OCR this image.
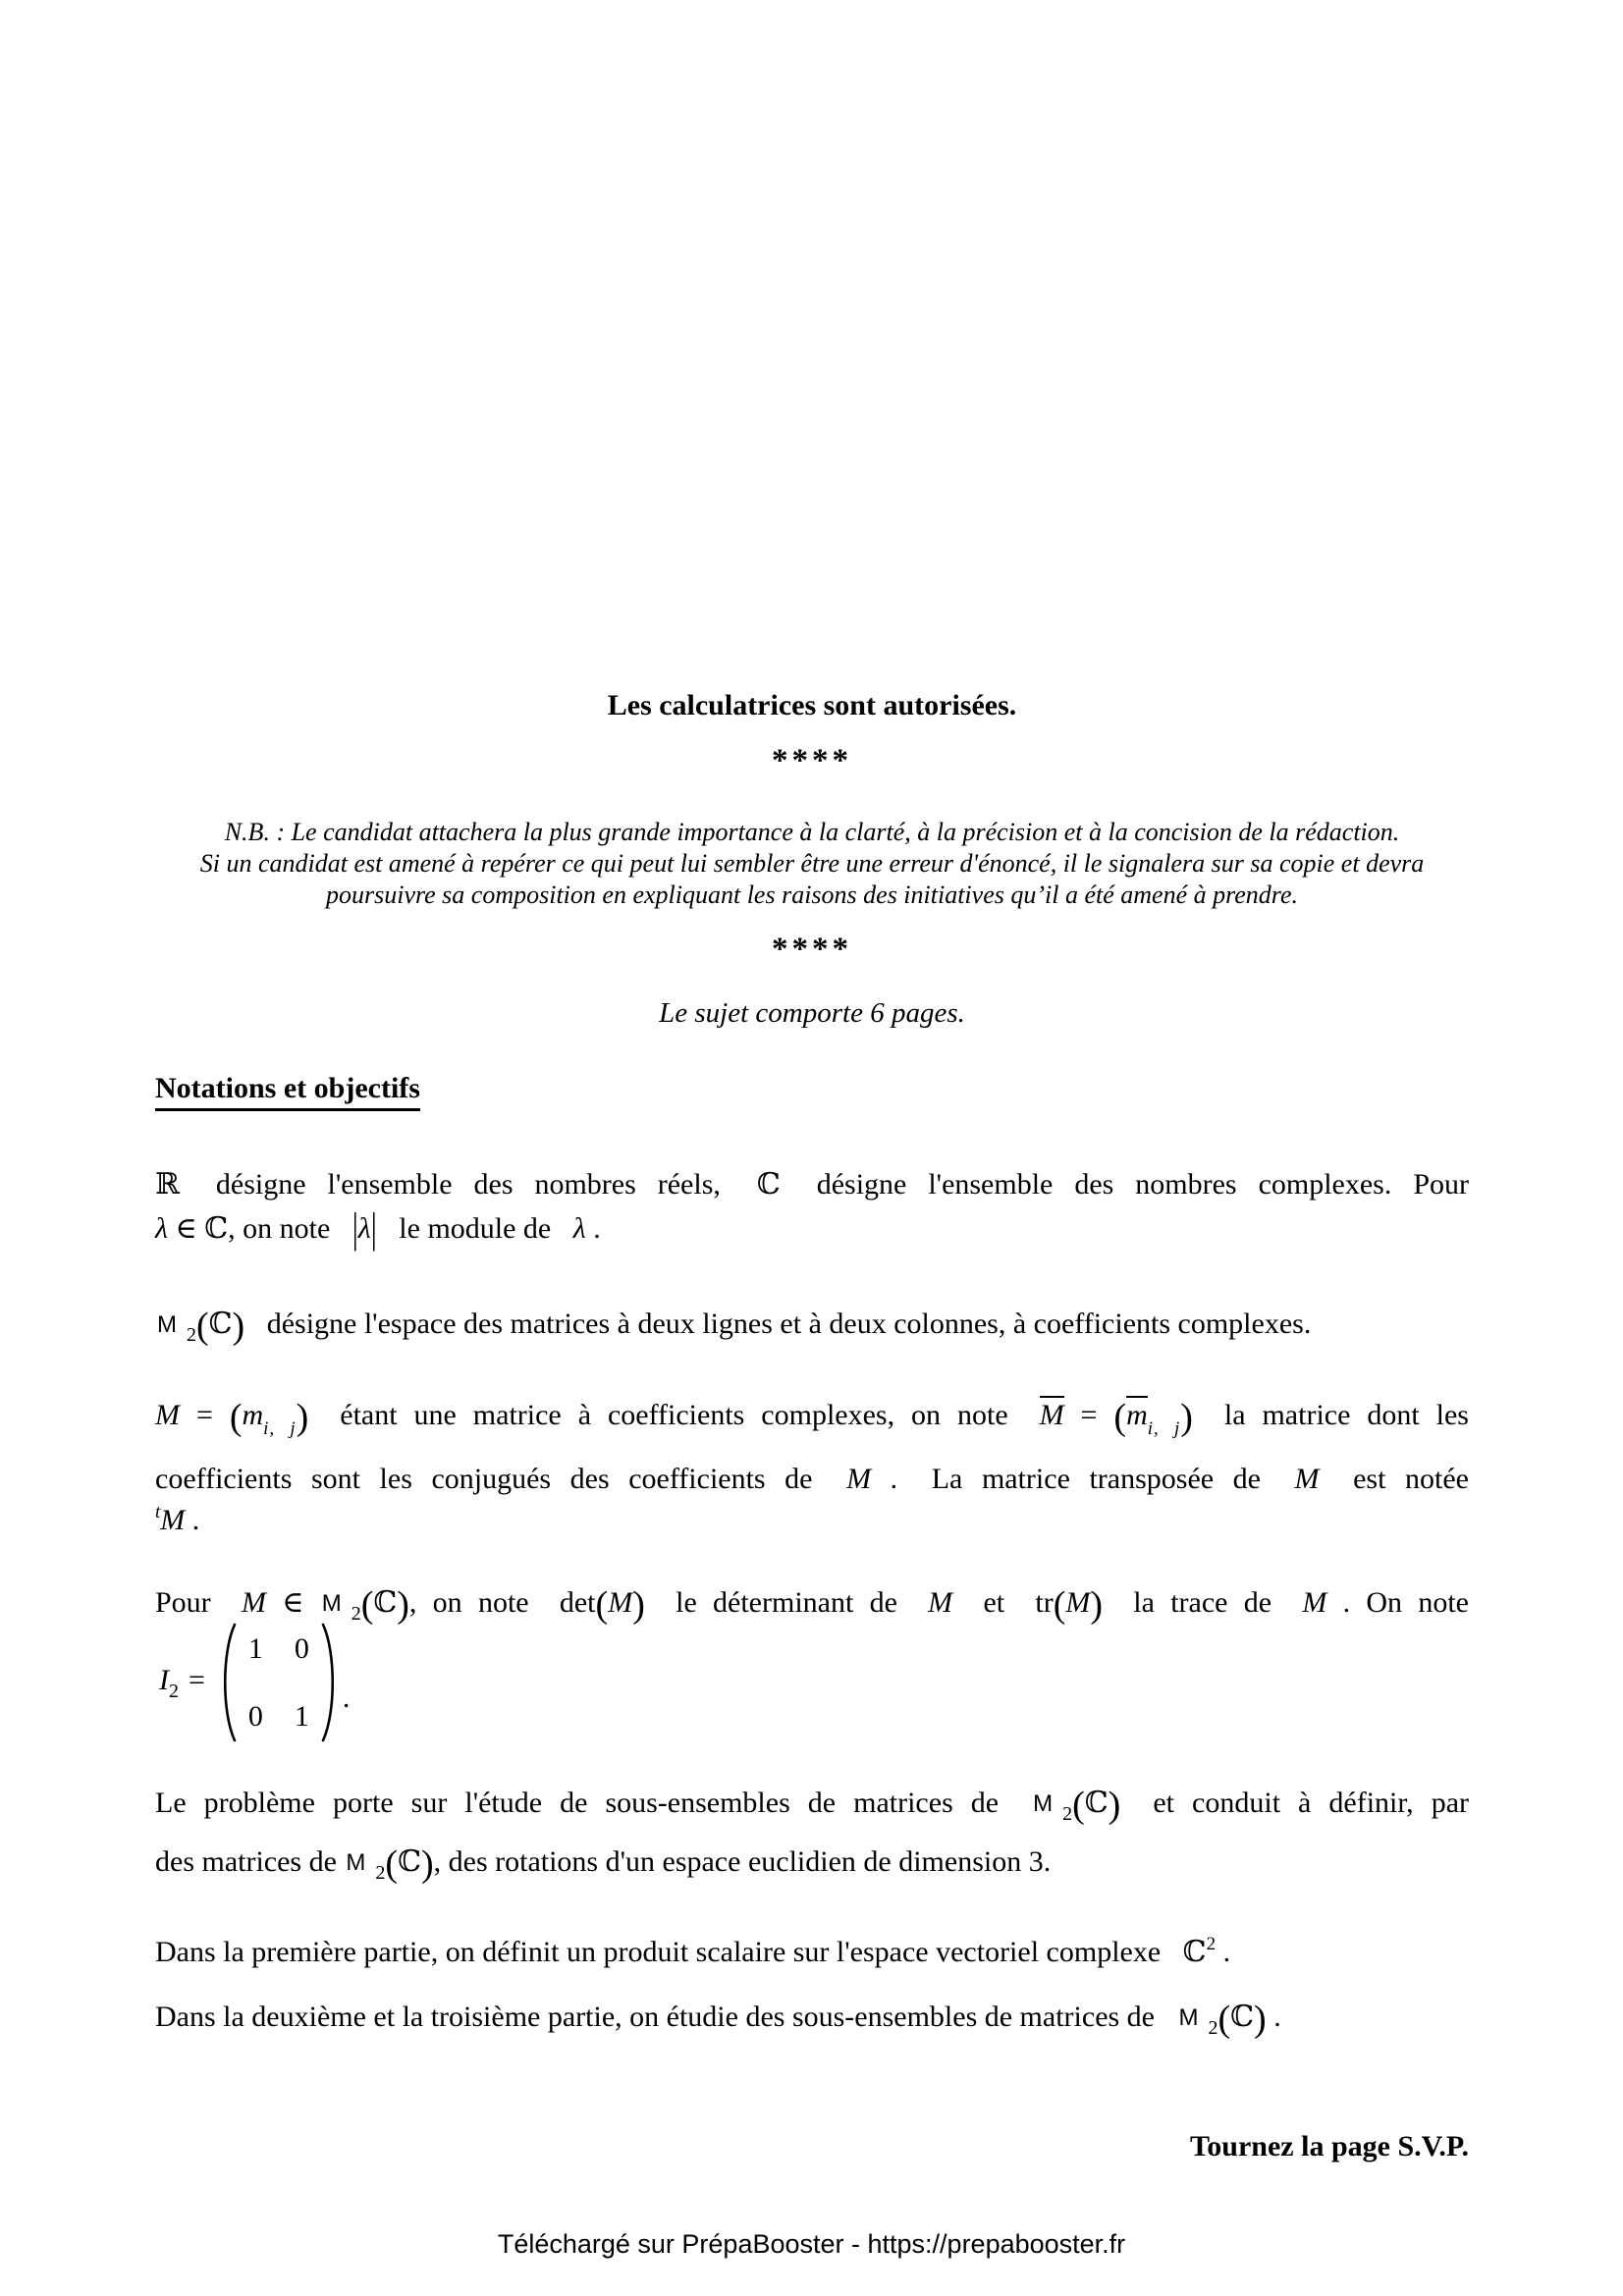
Les calculatrices sont autorisées.
****
N.B. : Le candidat attachera la plus grande importance à la clarté, à la précision et à la concision de la rédaction.
Si un candidat est amené à repérer ce qui peut lui sembler être une erreur d'énoncé, il le signalera sur sa copie et devra
poursuivre sa composition en expliquant les raisons des initiatives qu’il a été amené à prendre.
****
Le sujet comporte 6 pages.
Notations et objectifs
ℝ  désigne l'ensemble des nombres réels,  ℂ  désigne l'ensemble des nombres complexes. Pour
λ ∈ ℂ, on note  |λ|  le module de  λ .
M $_2$(ℂ)  désigne l'espace des matrices à deux lignes et à deux colonnes, à coefficients complexes.
$M = (m_{i, j})$  étant une matrice à coefficients complexes, on note  $M = (m_{i, j})$  la matrice dont les
coefficients sont les conjugués des coefficients de  M .  La matrice transposée de  M  est notée
$^t$M .
Pour  M ∈ M $_2$(ℂ), on note  det(M)  le déterminant de  M  et  tr(M)  la trace de  M . On note
$I_2$ =
1 0
0 1
.
Le problème porte sur l'étude de sous-ensembles de matrices de  M $_2$(ℂ)  et conduit à définir, par
des matrices de M $_2$(ℂ), des rotations d'un espace euclidien de dimension 3.
Dans la première partie, on définit un produit scalaire sur l'espace vectoriel complexe  ℂ$^2$ .
Dans la deuxième et la troisième partie, on étudie des sous-ensembles de matrices de  M $_2$(ℂ) .
Tournez la page S.V.P.
Téléchargé sur PrépaBooster - https://prepabooster.fr
